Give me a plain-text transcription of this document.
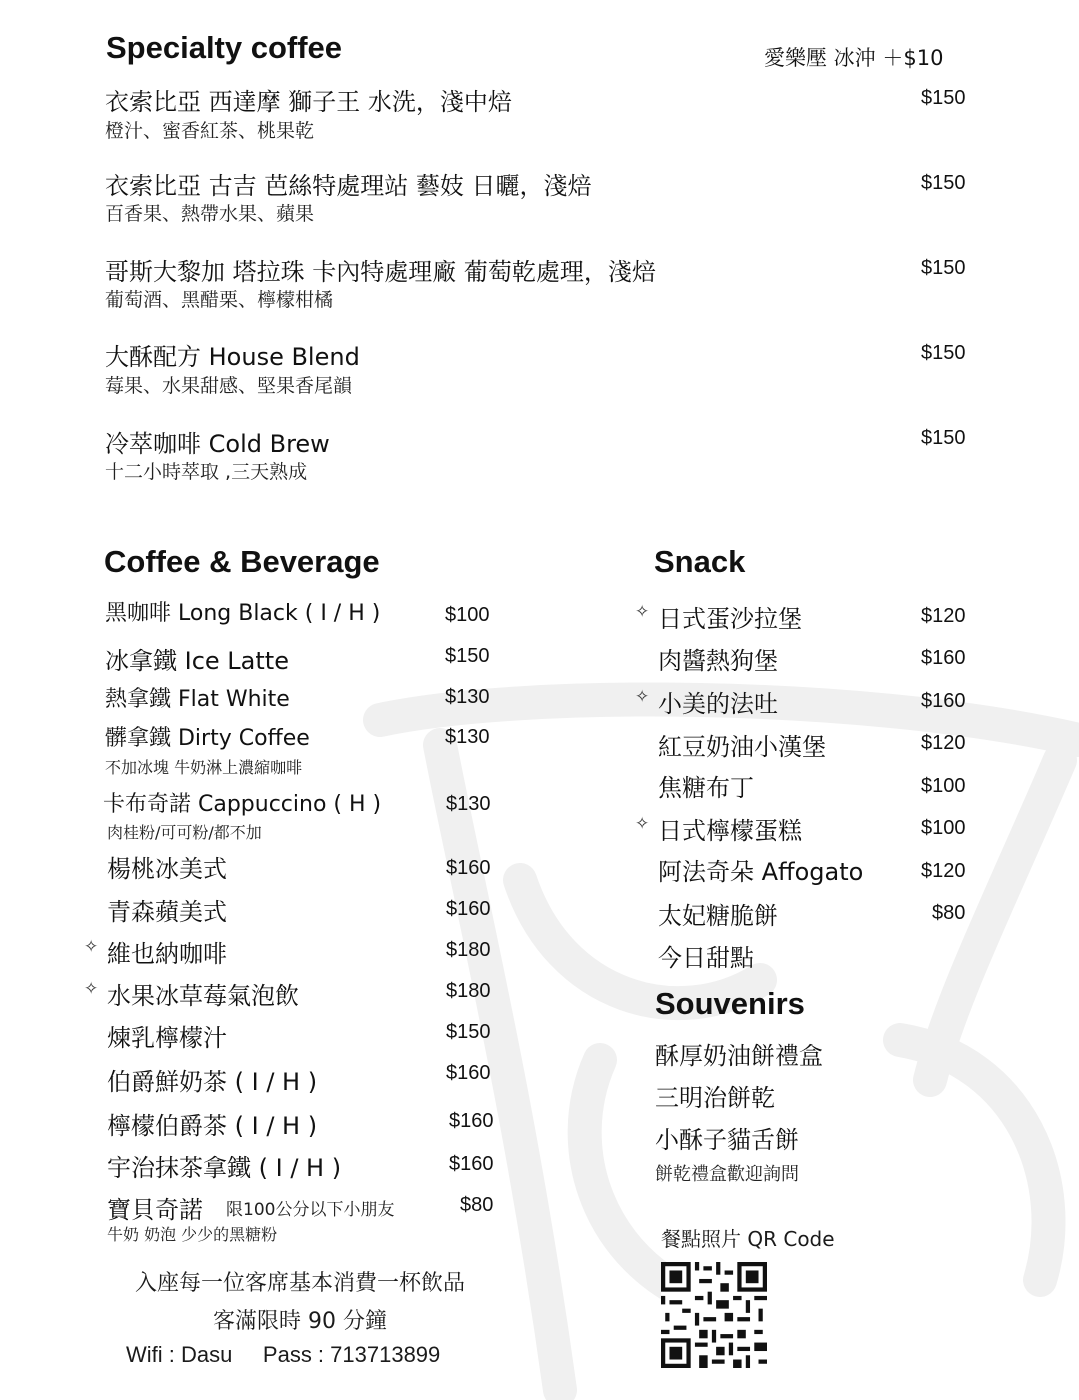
Specialty coffee	愛樂壓 冰沖 ＋$10
衣索比亞 西達摩 獅子王 水洗，淺中焙
橙汁、蜜香紅茶、桃果乾
$150
衣索比亞 古吉 芭絲特處理站 藝妓 日曬，淺焙
百香果、熱帶水果、蘋果
$150
哥斯大黎加 塔拉珠 卡內特處理廠 葡萄乾處理，淺焙
葡萄酒、黑醋栗、檸檬柑橘
$150
大酥配方 House Blend
莓果、水果甜感、堅果香尾韻
$150
冷萃咖啡 Cold Brew
十二小時萃取 ,三天熟成
$150
Coffee & Beverage
黑咖啡 Long Black ( I / H )	$100
冰拿鐵 Ice Latte	$150
熱拿鐵 Flat White	$130
髒拿鐵 Dirty Coffee
不加冰塊 牛奶淋上濃縮咖啡
$130
卡布奇諾 Cappuccino ( H )
肉桂粉/可可粉/都不加
$130
楊桃冰美式	$160
青森蘋美式	$160
✧ 維也納咖啡	$180
✧ 水果冰草莓氣泡飲	$180
煉乳檸檬汁	$150
伯爵鮮奶茶 ( I / H )	$160
檸檬伯爵茶 ( I / H )	$160
宇治抹茶拿鐵 ( I / H )	$160
寶貝奇諾 限100公分以下小朋友
牛奶 奶泡 少少的黑糖粉
$80
Snack
✧ 日式蛋沙拉堡	$120
肉醬熱狗堡	$160
✧ 小美的法吐	$160
紅豆奶油小漢堡	$120
焦糖布丁	$100
✧ 日式檸檬蛋糕	$100
阿法奇朵 Affogato	$120
太妃糖脆餅	$80
今日甜點
Souvenirs
酥厚奶油餅禮盒
三明治餅乾
小酥子貓舌餅
餅乾禮盒歡迎詢問
入座每一位客席基本消費一杯飲品
客滿限時 90 分鐘
Wifi : Dasu     Pass : 713713899
餐點照片 QR Code
